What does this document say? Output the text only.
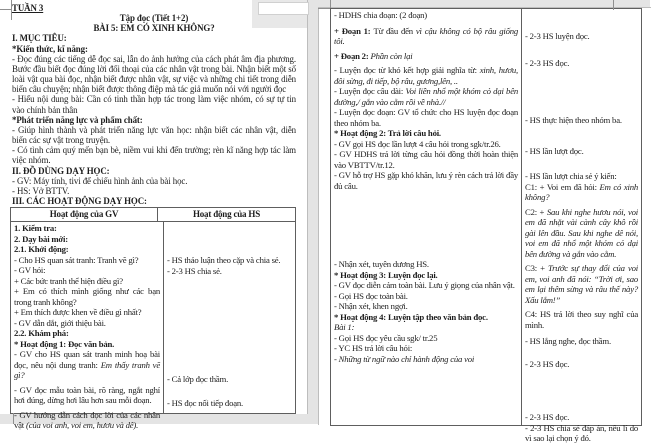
TUẦN 3
Tập đọc (Tiết 1+2)
BÀI 5: EM CÓ XINH KHÔNG?
I. MỤC TIÊU:
*Kiến thức, kĩ năng:
- Đọc đúng các tiếng dễ đọc sai, lẫn do ảnh hưởng của cách phát âm địa phương. Bước đầu biết đọc đúng lời đối thoại của các nhân vật trong bài. Nhận biết một số loài vật qua bài đọc, nhận biết được nhân vật, sự việc và những chi tiết trong diễn biến câu chuyện; nhận biết được thông điệp mà tác giả muốn nói với người đọc
- Hiểu nội dung bài: Cần có tinh thần hợp tác trong làm việc nhóm, có sự tự tin vào chính bản thân
*Phát triển năng lực và phẩm chất:
- Giúp hình thành và phát triển năng lực văn học: nhận biết các nhân vật, diễn biến các sự vật trong truyện.
- Có tình cảm quý mến bạn bè, niềm vui khi đến trường; rèn kĩ năng hợp tác làm việc nhóm.
II. ĐỒ DÙNG DẠY HỌC:
- GV: Máy tính, tivi để chiếu hình ảnh của bài học.
- HS: Vở BTTV.
III. CÁC HOẠT ĐỘNG DẠY HỌC:
Hoạt động của GV	Hoạt động của HS
1. Kiểm tra:
2. Dạy bài mới:
2.1. Khởi động:
- Cho HS quan sát tranh: Tranh vẽ gì?
- GV hỏi:
+ Các bức tranh thể hiện điều gì?
+ Em có thích mình giống như các bạn trong tranh không?
+ Em thích được khen về điều gì nhất?
- GV dẫn dắt, giới thiệu bài.
2.2. Khám phá:
* Hoạt động 1: Đọc văn bản.
- GV cho HS quan sát tranh minh hoạ bài đọc, nêu nội dung tranh: Em thấy tranh vẽ gì?
- GV đọc mẫu toàn bài, rõ ràng, ngắt nghỉ hơi đúng, dừng hơi lâu hơn sau mỗi đoạn.
- GV hướng dẫn cách đọc lời của các nhân vật (của voi anh, voi em, hươu và dê).
- HS thảo luận theo cặp và chia sẻ.
- 2-3 HS chia sẻ.
- Cả lớp đọc thầm.
- HS đọc nối tiếp đoạn.
- HDHS chia đoạn: (2 đoạn)
+ Đoạn 1: Từ đầu đến vì cậu không có bộ râu giống tôi.
+ Đoạn 2: Phần còn lại
- Luyện đọc từ khó kết hợp giải nghĩa từ: xinh, hươu, đôi sừng, đi tiếp, bộ râu, gương,lên, ..
- Luyện đọc câu dài: Voi liền nhổ một khóm cỏ dại bên đường,/ gắn vào cằm rồi về nhà.//
- Luyện đọc đoạn: GV tổ chức cho HS luyện đọc đoạn theo nhóm ba.
* Hoạt động 2: Trả lời câu hỏi.
- GV gọi HS đọc lần lượt 4 câu hỏi trong sgk/tr.26.
- GV HDHS trả lời từng câu hỏi đồng thời hoàn thiện vào VBTTV/tr.12.
- GV hỗ trợ HS gặp khó khăn, lưu ý rèn cách trả lời đầy đủ câu.
- Nhận xét, tuyên dương HS.
* Hoạt động 3: Luyện đọc lại.
- GV đọc diễn cảm toàn bài. Lưu ý giọng của nhân vật.
- Gọi HS đọc toàn bài.
- Nhận xét, khen ngợi.
* Hoạt động 4: Luyện tập theo văn bản đọc.
Bài 1:
- Gọi HS đọc yêu cầu sgk/ tr.25
- YC HS trả lời câu hỏi:
- Những từ ngữ nào chỉ hành động của voi
- 2-3 HS luyện đọc.
- 2-3 HS đọc.
- HS thực hiện theo nhóm ba.
- HS lần lượt đọc.
- HS lần lượt chia sẻ ý kiến:
C1: + Voi em đã hỏi: Em có xinh không?
C2: + Sau khi nghe hươu nói, voi em đã nhặt vài cành cây khô rồi gài lên đầu. Sau khi nghe dê nói, voi em đã nhổ một khóm cỏ dại bên đường và gắn vào cằm.
C3: + Trước sự thay đổi của voi em, voi anh đã nói: “Trời ơi, sao em lại thêm sừng và râu thế này? Xấu lắm!”
C4: HS trả lời theo suy nghĩ của mình.
- HS lắng nghe, đọc thầm.
- 2-3 HS đọc.
- 2-3 HS đọc.
- 2-3 HS chia sẻ đáp án, nêu lí do vì sao lại chọn ý đó.
